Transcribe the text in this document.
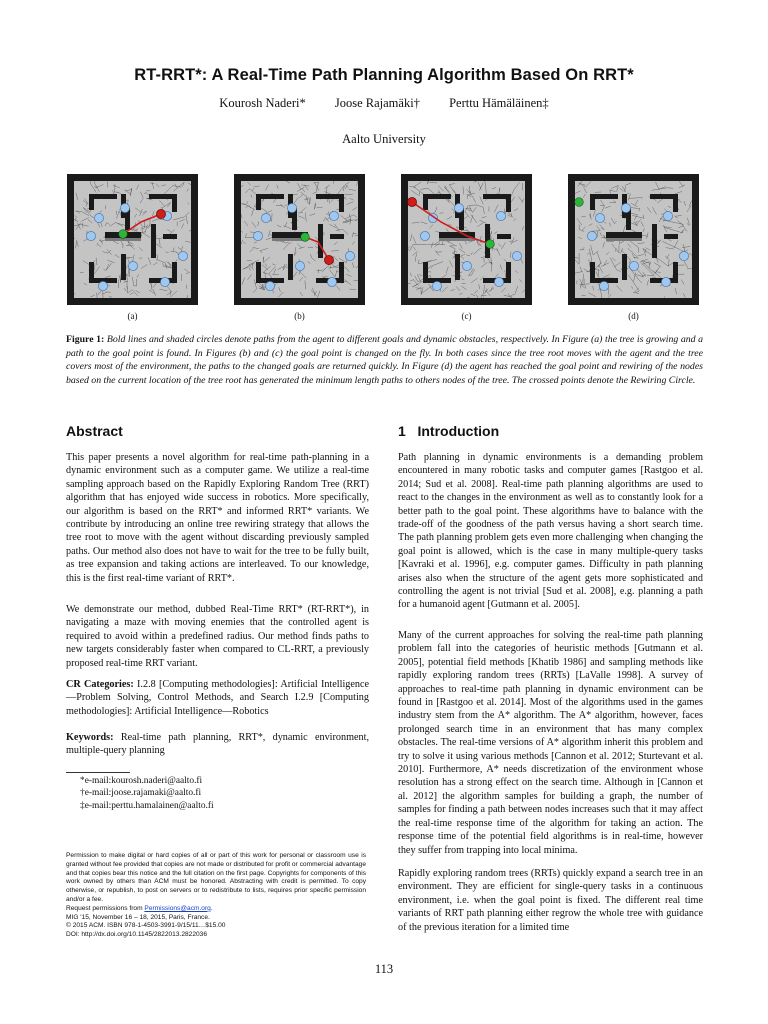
RT-RRT*: A Real-Time Path Planning Algorithm Based On RRT*
Kourosh Naderi* Joose Rajamäki† Perttu Hämäläinen‡
Aalto University
(a)	(b)	(c)	(d)
Figure 1: Bold lines and shaded circles denote paths from the agent to different goals and dynamic obstacles, respectively. In Figure (a) the tree is growing and a path to the goal point is found. In Figures (b) and (c) the goal point is changed on the fly. In both cases since the tree root moves with the agent and the tree covers most of the environment, the paths to the changed goals are returned quickly. In Figure (d) the agent has reached the goal point and rewiring of the nodes based on the current location of the tree root has generated the minimum length paths to others nodes of the tree. The crossed points denote the Rewiring Circle.
Abstract

This paper presents a novel algorithm for real-time path-planning in a dynamic environment such as a computer game. We utilize a real-time sampling approach based on the Rapidly Exploring Random Tree (RRT) algorithm that has enjoyed wide success in robotics. More specifically, our algorithm is based on the RRT* and informed RRT* variants. We contribute by introducing an online tree rewiring strategy that allows the tree root to move with the agent without discarding previously sampled paths. Our method also does not have to wait for the tree to be fully built, as tree expansion and taking actions are interleaved. To our knowledge, this is the first real-time variant of RRT*.

We demonstrate our method, dubbed Real-Time RRT* (RT-RRT*), in navigating a maze with moving enemies that the controlled agent is required to avoid within a predefined radius. Our method finds paths to new targets considerably faster when compared to CL-RRT, a previously proposed real-time RRT variant.

CR Categories: I.2.8 [Computing methodologies]: Artificial Intelligence—Problem Solving, Control Methods, and Search I.2.9 [Computing methodologies]: Artificial Intelligence—Robotics

Keywords: Real-time path planning, RRT*, dynamic environment, multiple-query planning

*e-mail:kourosh.naderi@aalto.fi
†e-mail:joose.rajamaki@aalto.fi
‡e-mail:perttu.hamalainen@aalto.fi
Permission to make digital or hard copies of all or part of this work for personal or classroom use is granted without fee provided that copies are not made or distributed for profit or commercial advantage and that copies bear this notice and the full citation on the first page. Copyrights for components of this work owned by others than ACM must be honored. Abstracting with credit is permitted. To copy otherwise, or republish, to post on servers or to redistribute to lists, requires prior specific permission and/or a fee.
Request permissions from Permissions@acm.org.
MIG '15, November 16 – 18, 2015, Paris, France.
© 2015 ACM. ISBN 978-1-4503-3991-9/15/11…$15.00
DOI: http://dx.doi.org/10.1145/2822013.2822036
1 Introduction

Path planning in dynamic environments is a demanding problem encountered in many robotic tasks and computer games [Rastgoo et al. 2014; Sud et al. 2008]. Real-time path planning algorithms are used to react to the changes in the environment as well as to constantly look for a better path to the goal point. These algorithms have to balance with the trade-off of the goodness of the path versus having a short search time. The path planning problem gets even more challenging when changing the goal point is allowed, which is the case in many multiple-query tasks [Kavraki et al. 1996], e.g. computer games. Difficulty in path planning arises also when the structure of the agent gets more sophisticated and controlling the agent is not trivial [Sud et al. 2008], e.g. planning a path for a humanoid agent [Gutmann et al. 2005].

Many of the current approaches for solving the real-time path planning problem fall into the categories of heuristic methods [Gutmann et al. 2005], potential field methods [Khatib 1986] and sampling methods like rapidly exploring random trees (RRTs) [LaValle 1998]. A survey of approaches to real-time path planning in dynamic environment can be found in [Rastgoo et al. 2014]. Most of the algorithms used in the games industry stem from the A* algorithm. The A* algorithm, however, faces prolonged search time in an environment that has many complex obstacles. The real-time versions of A* algorithm inherit this problem and try to solve it using various methods [Cannon et al. 2012; Sturtevant et al. 2010]. Furthermore, A* needs discretization of the environment whose resolution has a strong effect on the search time. Although in [Cannon et al. 2012] the algorithm samples for building a graph, the number of samples for finding a path between nodes increases such that it may affect the real-time response time of the algorithm for taking an action. The response time of the potential field algorithms is in real-time, however they suffer from trapping into local minima.

Rapidly exploring random trees (RRTs) quickly expand a search tree in an environment. They are efficient for single-query tasks in a continuous environment, i.e. when the goal point is fixed. The different real time variants of RRT path planning either regrow the whole tree with guidance of the previous iteration for a limited time

113
